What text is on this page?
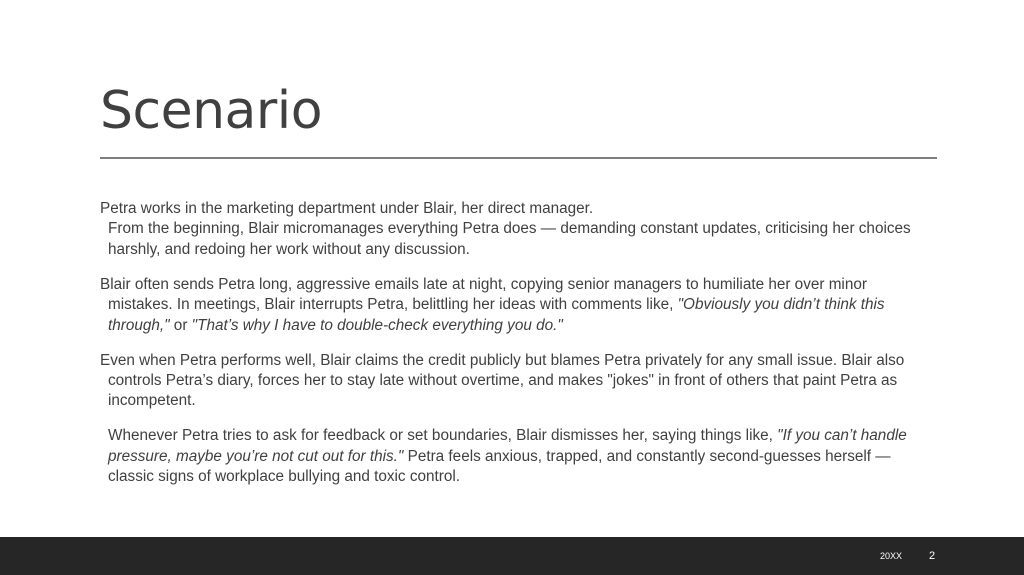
Scenario

Petra works in the marketing department under Blair, her direct manager.
From the beginning, Blair micromanages everything Petra does — demanding constant updates, criticising her choices harshly, and redoing her work without any discussion.

Blair often sends Petra long, aggressive emails late at night, copying senior managers to humiliate her over minor mistakes. In meetings, Blair interrupts Petra, belittling her ideas with comments like, "Obviously you didn’t think this through," or "That’s why I have to double-check everything you do."

Even when Petra performs well, Blair claims the credit publicly but blames Petra privately for any small issue. Blair also controls Petra’s diary, forces her to stay late without overtime, and makes "jokes" in front of others that paint Petra as incompetent.

Whenever Petra tries to ask for feedback or set boundaries, Blair dismisses her, saying things like, "If you can’t handle pressure, maybe you’re not cut out for this." Petra feels anxious, trapped, and constantly second-guesses herself — classic signs of workplace bullying and toxic control.

20XX 2
